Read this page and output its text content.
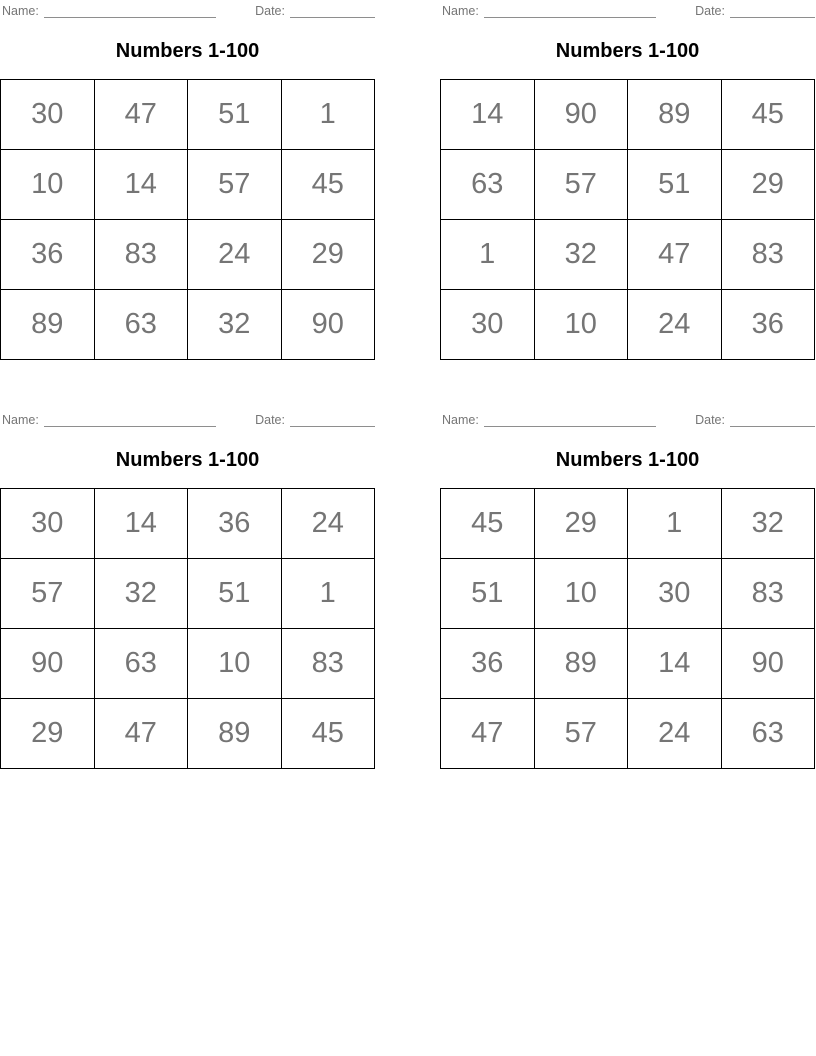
Name:	Date:
Numbers 1-100
30	47	51	1
10	14	57	45
36	83	24	29
89	63	32	90
Name:	Date:
Numbers 1-100
14	90	89	45
63	57	51	29
1	32	47	83
30	10	24	36
Name:	Date:
Numbers 1-100
30	14	36	24
57	32	51	1
90	63	10	83
29	47	89	45
Name:	Date:
Numbers 1-100
45	29	1	32
51	10	30	83
36	89	14	90
47	57	24	63
